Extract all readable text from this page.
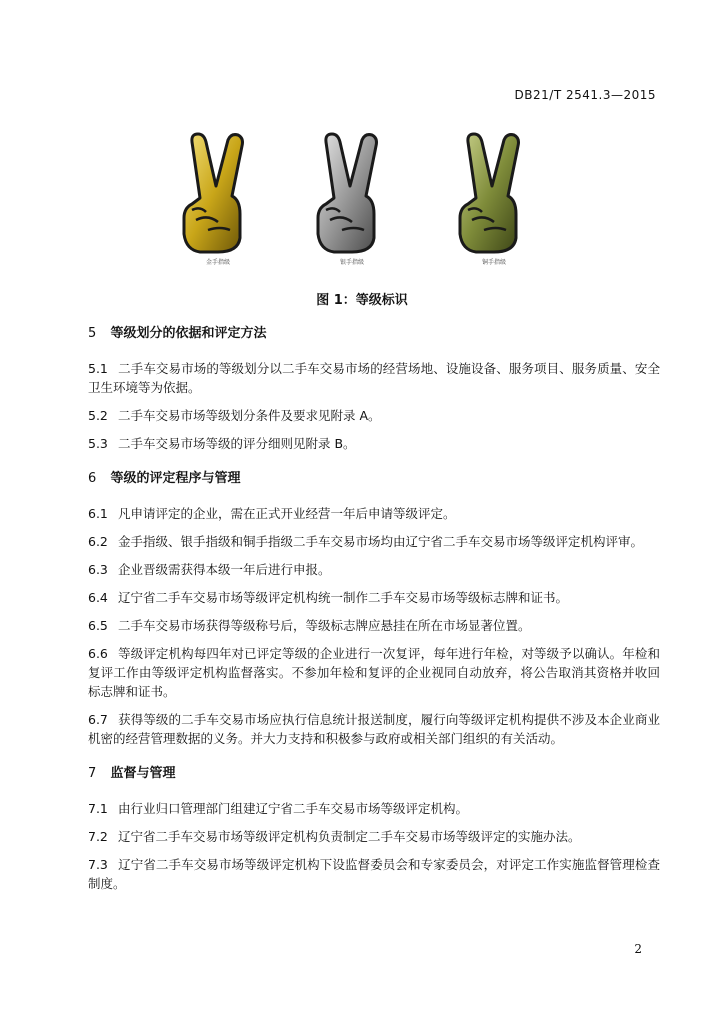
DB21/T 2541.3—2015
金手指级	银手指级	铜手指级
图 1：等级标识
5 等级划分的依据和评定方法
5.1 二手车交易市场的等级划分以二手车交易市场的经营场地、设施设备、服务项目、服务质量、安全卫生环境等为依据。
5.2 二手车交易市场等级划分条件及要求见附录 A。
5.3 二手车交易市场等级的评分细则见附录 B。
6 等级的评定程序与管理
6.1 凡申请评定的企业，需在正式开业经营一年后申请等级评定。
6.2 金手指级、银手指级和铜手指级二手车交易市场均由辽宁省二手车交易市场等级评定机构评审。
6.3 企业晋级需获得本级一年后进行申报。
6.4 辽宁省二手车交易市场等级评定机构统一制作二手车交易市场等级标志牌和证书。
6.5 二手车交易市场获得等级称号后，等级标志牌应悬挂在所在市场显著位置。
6.6 等级评定机构每四年对已评定等级的企业进行一次复评，每年进行年检，对等级予以确认。年检和复评工作由等级评定机构监督落实。不参加年检和复评的企业视同自动放弃，将公告取消其资格并收回标志牌和证书。
6.7 获得等级的二手车交易市场应执行信息统计报送制度，履行向等级评定机构提供不涉及本企业商业机密的经营管理数据的义务。并大力支持和积极参与政府或相关部门组织的有关活动。
7 监督与管理
7.1 由行业归口管理部门组建辽宁省二手车交易市场等级评定机构。
7.2 辽宁省二手车交易市场等级评定机构负责制定二手车交易市场等级评定的实施办法。
7.3 辽宁省二手车交易市场等级评定机构下设监督委员会和专家委员会，对评定工作实施监督管理检查制度。
2
